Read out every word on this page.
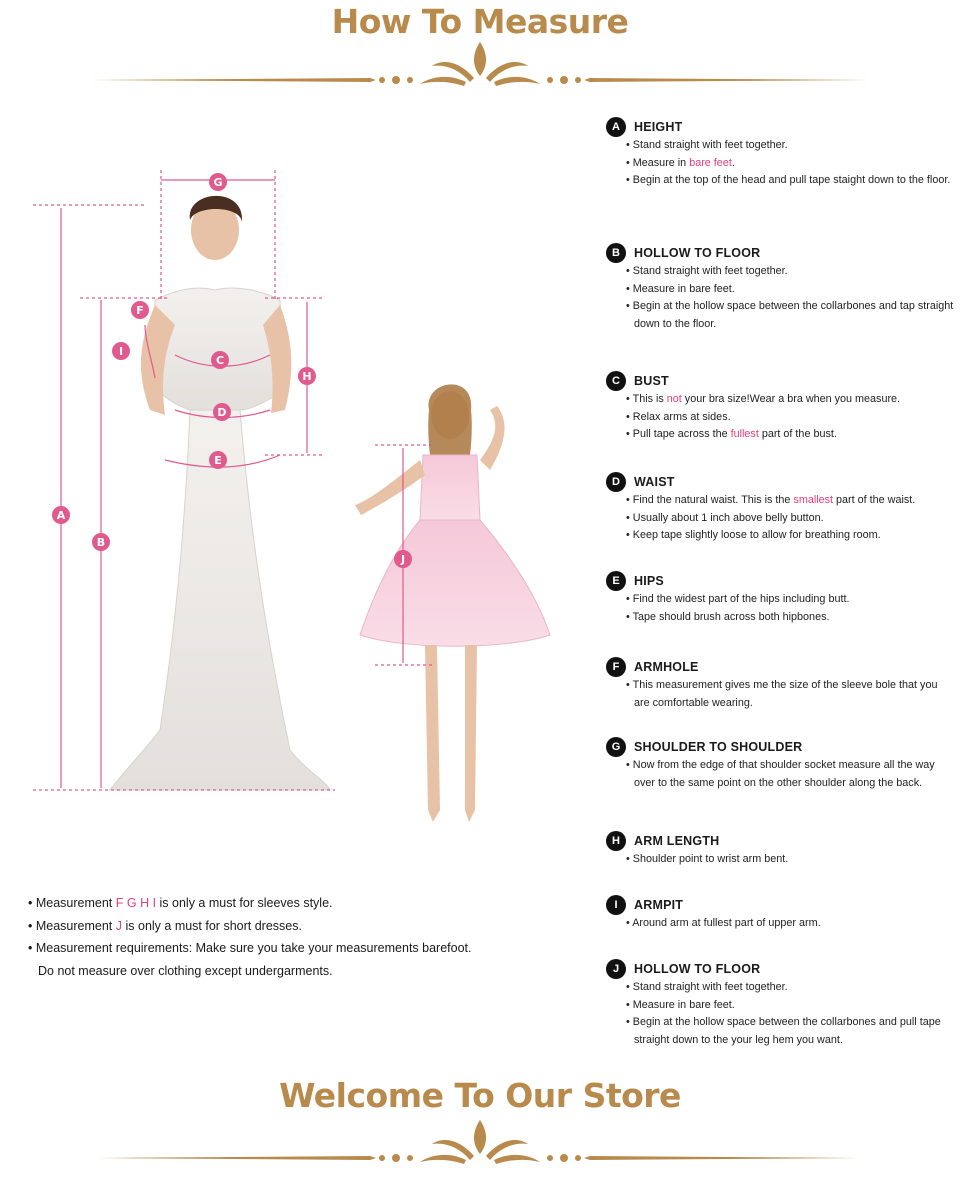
How To Measure
A
B
C
D
E
F
G
H
I
J
• Measurement F G H I is only a must for sleeves style.
• Measurement J is only a must for short dresses.
• Measurement requirements: Make sure you take your measurements barefoot.
Do not measure over clothing except undergarments.
A	HEIGHT
• Stand straight with feet together.
• Measure in bare feet.
• Begin at the top of the head and pull tape staight down to the floor.
B	HOLLOW TO FLOOR
• Stand straight with feet together.
• Measure in bare feet.
• Begin at the hollow space between the collarbones and tap straight down to the floor.
C	BUST
• This is not your bra size!Wear a bra when you measure.
• Relax arms at sides.
• Pull tape across the fullest part of the bust.
D	WAIST
• Find the natural waist. This is the smallest part of the waist.
• Usually about 1 inch above belly button.
• Keep tape slightly loose to allow for breathing room.
E	HIPS
• Find the widest part of the hips including butt.
• Tape should brush across both hipbones.
F	ARMHOLE
• This measurement gives me the size of the sleeve bole that you are comfortable wearing.
G	SHOULDER TO SHOULDER
• Now from the edge of that shoulder socket measure all the way over to the same point on the other shoulder along the back.
H	ARM LENGTH
• Shoulder point to wrist arm bent.
I	ARMPIT
• Around arm at fullest part of upper arm.
J	HOLLOW TO FLOOR
• Stand straight with feet together.
• Measure in bare feet.
• Begin at the hollow space between the collarbones and pull tape straight down to the your leg hem you want.
Welcome To Our Store
